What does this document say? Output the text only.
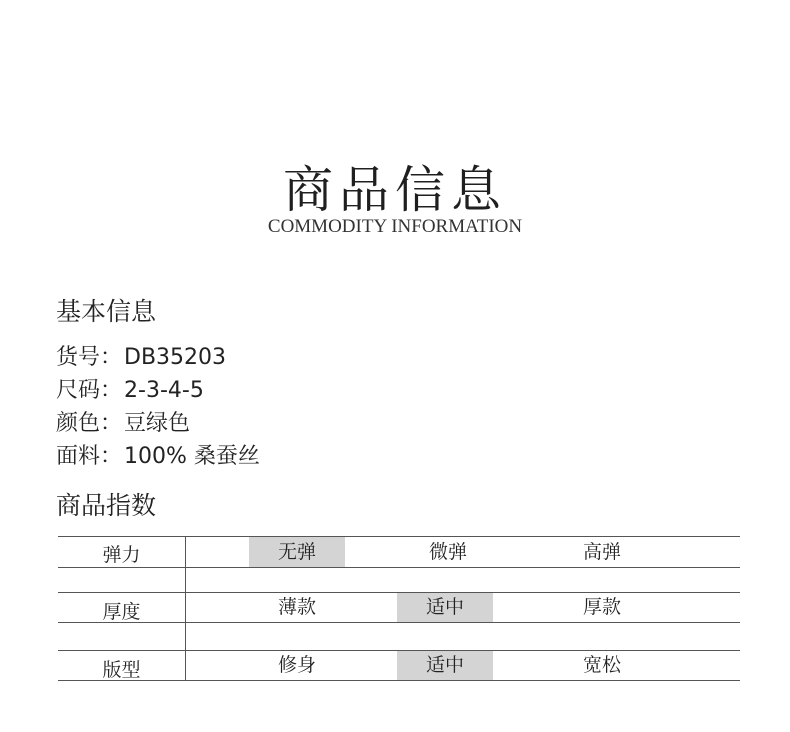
商品信息
COMMODITY INFORMATION
基本信息
货号：DB35203
尺码：2-3-4-5
颜色：豆绿色
面料：100% 桑蚕丝
商品指数
弹力	无弹	微弹	高弹
厚度	薄款	适中	厚款
版型	修身	适中	宽松
